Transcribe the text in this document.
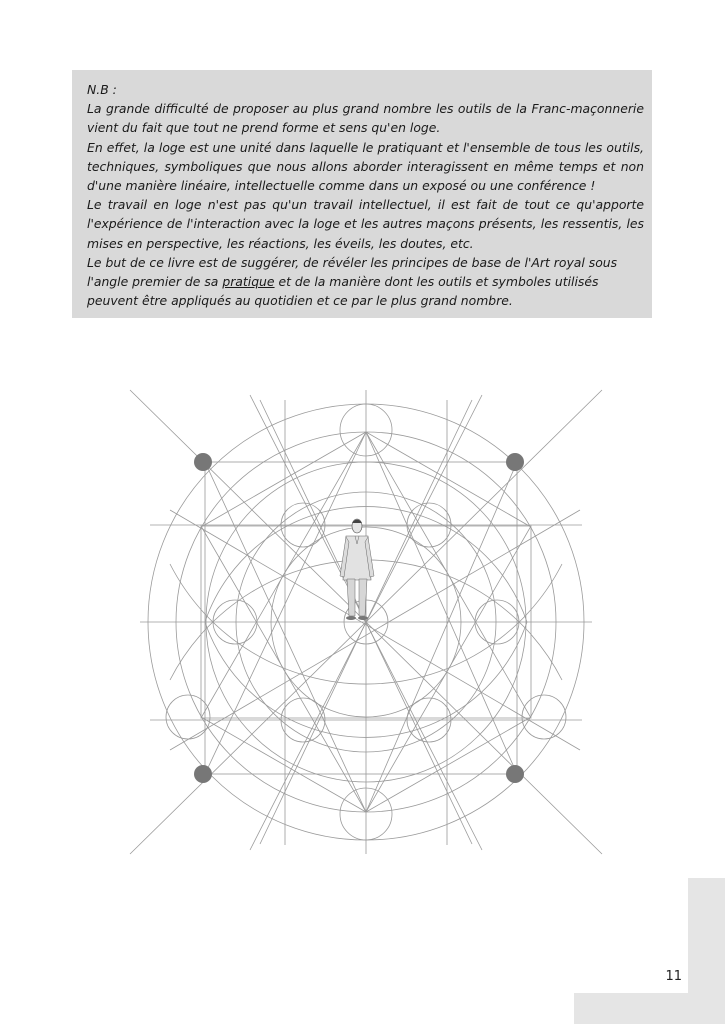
N.B :

La grande difficulté de proposer au plus grand nombre les outils de la Franc-maçonnerie vient du fait que tout ne prend forme et sens qu'en loge.

En effet, la loge est une unité dans laquelle le pratiquant et l'ensemble de tous les outils, techniques, symboliques que nous allons aborder interagissent en même temps et non d'une manière linéaire, intellectuelle comme dans un exposé ou une conférence !

Le travail en loge n'est pas qu'un travail intellectuel, il est fait de tout ce qu'apporte l'expérience de l'interaction avec la loge et les autres maçons présents, les ressentis, les mises en perspective, les réactions, les éveils, les doutes, etc.

Le but de ce livre est de suggérer, de révéler les principes de base de l'Art royal sous l'angle premier de sa pratique et de la manière dont les outils et symboles utilisés peuvent être appliqués au quotidien et ce par le plus grand nombre.

11
